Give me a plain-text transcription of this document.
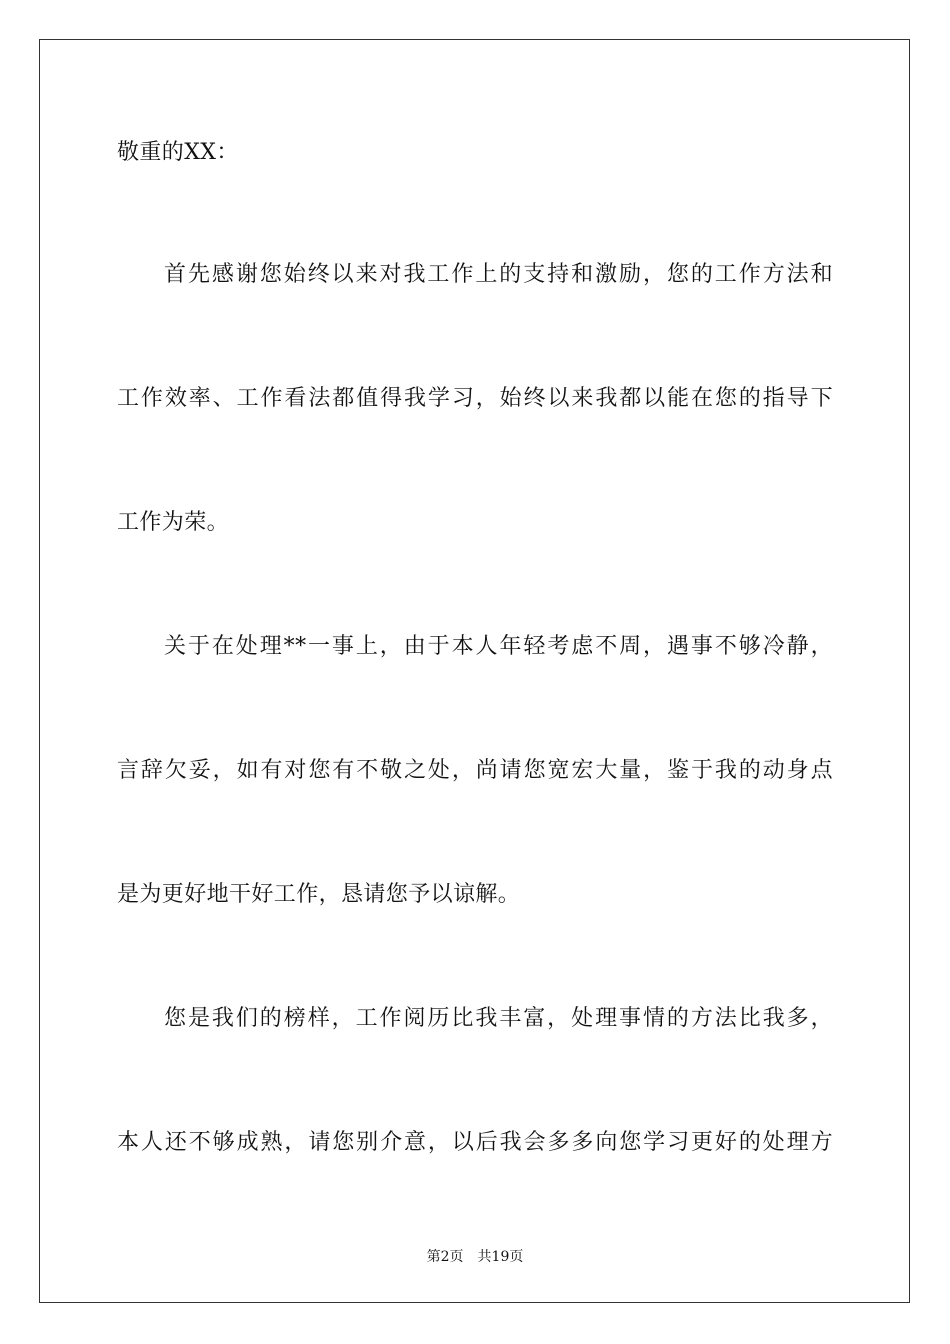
敬重的XX：
首先感谢您始终以来对我工作上的支持和激励，您的工作方法和
工作效率、工作看法都值得我学习，始终以来我都以能在您的指导下
工作为荣。
关于在处理**一事上，由于本人年轻考虑不周，遇事不够冷静，
言辞欠妥，如有对您有不敬之处，尚请您宽宏大量，鉴于我的动身点
是为更好地干好工作，恳请您予以谅解。
您是我们的榜样，工作阅历比我丰富，处理事情的方法比我多，
本人还不够成熟，请您别介意，以后我会多多向您学习更好的处理方
第2页 共19页
